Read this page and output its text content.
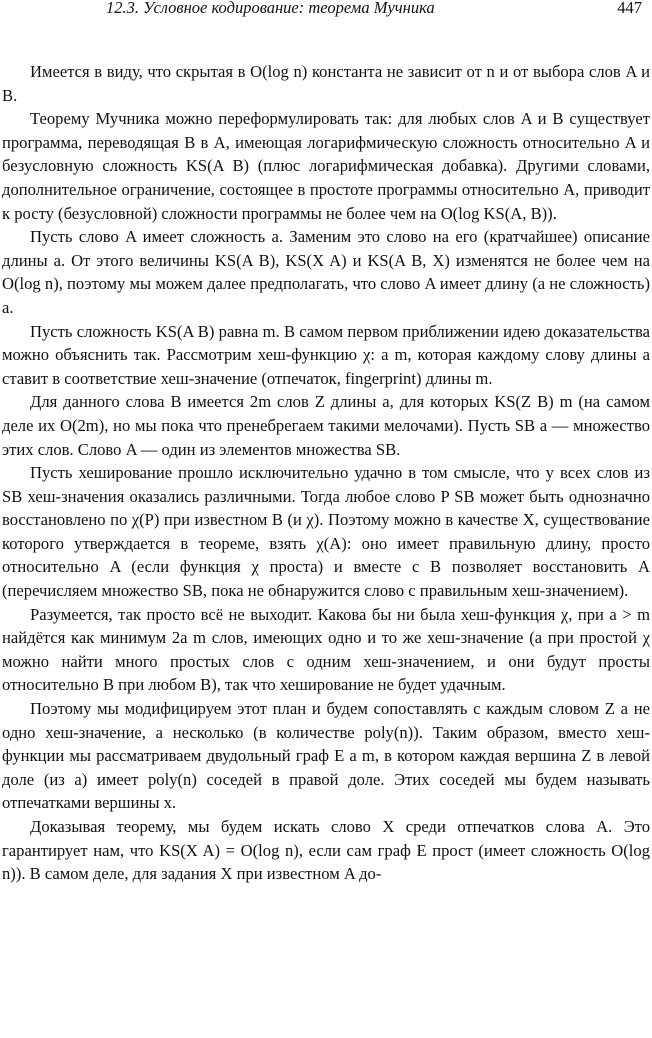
12.3. Условное кодирование: теорема Мучника	447

Имеется в виду, что скрытая в O(log n) константа не зависит от n и от выбора слов A и B.

Теорему Мучника можно переформулировать так: для любых слов A и B существует программа, переводящая B в A, имеющая логарифмическую сложность относительно A и безусловную сложность KS(A B) (плюс логарифмическая добавка). Другими словами, дополнительное ограничение, состоящее в простоте программы относительно A, приводит к росту (безусловной) сложности программы не более чем на O(log KS(A, B)).

Пусть слово A имеет сложность a. Заменим это слово на его (кратчайшее) описание длины a. От этого величины KS(A B), KS(X A) и KS(A B, X) изменятся не более чем на O(log n), поэтому мы можем далее предполагать, что слово A имеет длину (а не сложность) a.

Пусть сложность KS(A B) равна m. В самом первом приближении идею доказательства можно объяснить так. Рассмотрим хеш-функцию χ: a m, которая каждому слову длины a ставит в соответствие хеш-значение (отпечаток, fingerprint) длины m.

Для данного слова B имеется 2m слов Z длины a, для которых KS(Z B) m (на самом деле их O(2m), но мы пока что пренебрегаем такими мелочами). Пусть SB a — множество этих слов. Слово A — один из элементов множества SB.

Пусть хеширование прошло исключительно удачно в том смысле, что у всех слов из SB хеш-значения оказались различными. Тогда любое слово P SB может быть однозначно восстановлено по χ(P) при известном B (и χ). Поэтому можно в качестве X, существование которого утверждается в теореме, взять χ(A): оно имеет правильную длину, просто относительно A (если функция χ проста) и вместе с B позволяет восстановить A (перечисляем множество SB, пока не обнаружится слово с правильным хеш-значением).

Разумеется, так просто всё не выходит. Какова бы ни была хеш-функция χ, при a > m найдётся как минимум 2a m слов, имеющих одно и то же хеш-значение (а при простой χ можно найти много простых слов с одним хеш-значением, и они будут просты относительно B при любом B), так что хеширование не будет удачным.

Поэтому мы модифицируем этот план и будем сопоставлять с каждым словом Z a не одно хеш-значение, а несколько (в количестве poly(n)). Таким образом, вместо хеш-функции мы рассматриваем двудольный граф E a m, в котором каждая вершина Z в левой доле (из a) имеет poly(n) соседей в правой доле. Этих соседей мы будем называть отпечатками вершины x.

Доказывая теорему, мы будем искать слово X среди отпечатков слова A. Это гарантирует нам, что KS(X A) = O(log n), если сам граф E прост (имеет сложность O(log n)). В самом деле, для задания X при известном A до-
